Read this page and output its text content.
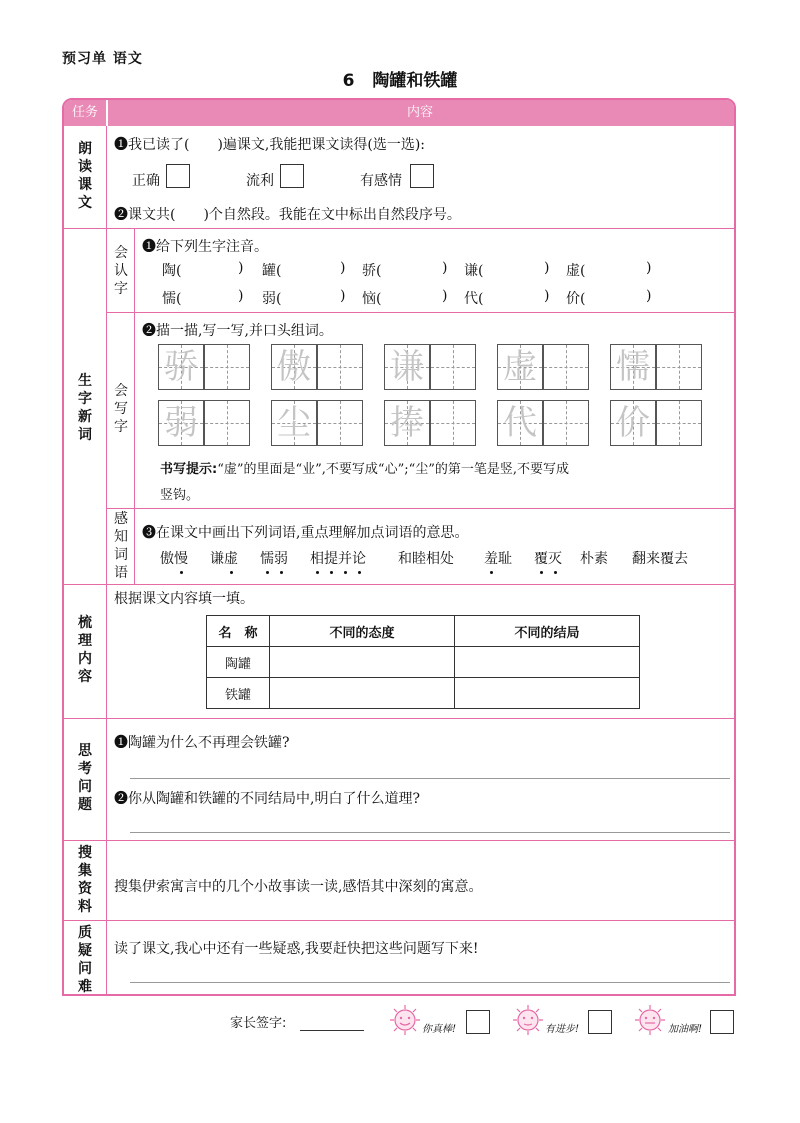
预习单 语文
6 陶罐和铁罐
任务	内容
朗
读
课
文
❶我已读了(　　)遍课文,我能把课文读得(选一选):
正确	流利	有感情
❷课文共(　　)个自然段。我能在文中标出自然段序号。
生
字
新
词
会
认
字
❶给下列生字注音。
陶(	) 罐(	) 骄(	) 谦(	) 虚(	)
懦(	) 弱(	) 恼(	) 代(	) 价(	)
会
写
字
❷描一描,写一写,并口头组词。
骄 傲 谦 虚 懦
弱 尘 捧 代 价
书写提示:“虚”的里面是“业”,不要写成“心”;“尘”的第一笔是竖,不要写成
竖钩。
感
知
词
语
❸在课文中画出下列词语,重点理解加点词语的意思。
傲慢 谦虚 懦弱 相提并论 和睦相处 羞耻 覆灭 朴素 翻来覆去
梳
理
内
容
根据课文内容填一填。
名　称	不同的态度	不同的结局
陶罐		
铁罐		
思
考
问
题
❶陶罐为什么不再理会铁罐?
❷你从陶罐和铁罐的不同结局中,明白了什么道理?
搜
集
资
料
搜集伊索寓言中的几个小故事读一读,感悟其中深刻的寓意。
质
疑
问
难
读了课文,我心中还有一些疑惑,我要赶快把这些问题写下来!
家长签字:	你真棒!	有进步!	加油啊!
